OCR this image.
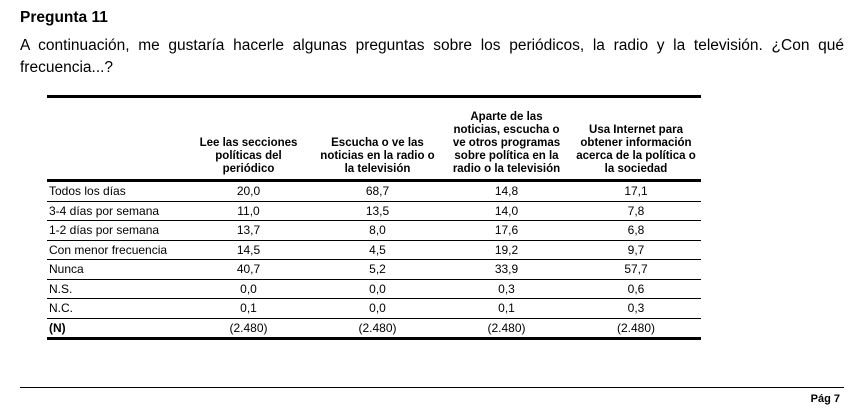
Pregunta 11
A continuación, me gustaría hacerle algunas preguntas sobre los periódicos, la radio y la televisión. ¿Con qué frecuencia...?
	Lee las secciones políticas del periódico	Escucha o ve las noticias en la radio o la televisión	Aparte de las noticias, escucha o ve otros programas sobre política en la radio o la televisión	Usa Internet para obtener información acerca de la política o la sociedad
Todos los días	20,0	68,7	14,8	17,1
3-4 días por semana	11,0	13,5	14,0	7,8
1-2 días por semana	13,7	8,0	17,6	6,8
Con menor frecuencia	14,5	4,5	19,2	9,7
Nunca	40,7	5,2	33,9	57,7
N.S.	0,0	0,0	0,3	0,6
N.C.	0,1	0,0	0,1	0,3
(N)	(2.480)	(2.480)	(2.480)	(2.480)
Pág 7
